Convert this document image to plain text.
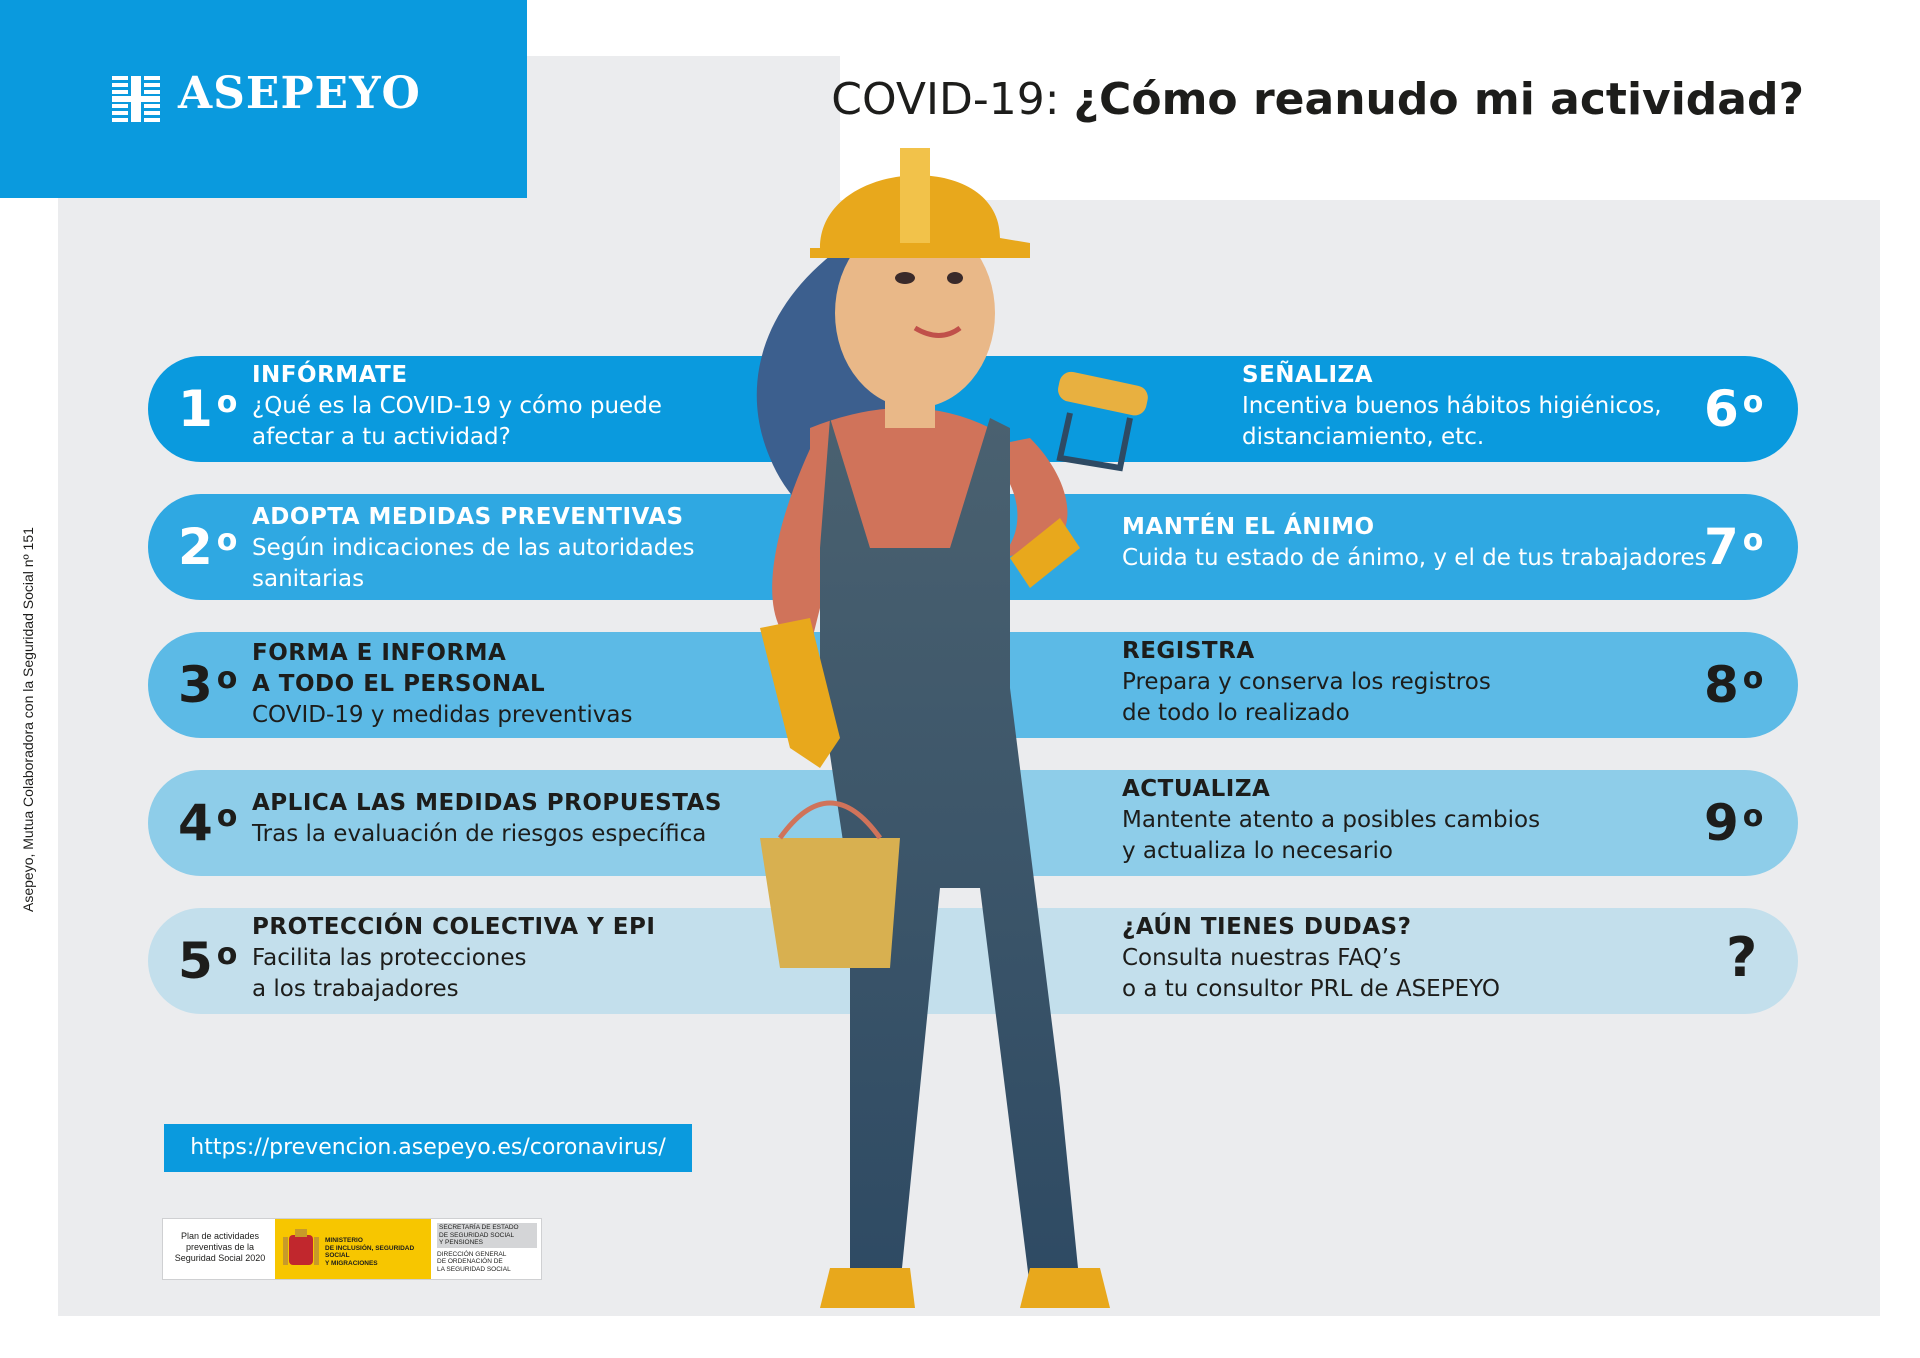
ASEPEYO	COVID-19: ¿Cómo reanudo mi actividad?
Asepeyo, Mutua Colaboradora con la Seguridad Social nº 151
1 $^o$
INFÓRMATE
¿Qué es la COVID-19 y cómo puede
afectar a tu actividad?
2 $^o$
ADOPTA MEDIDAS PREVENTIVAS
Según indicaciones de las autoridades
sanitarias
3 $^o$
FORMA E INFORMA
A TODO EL PERSONAL
COVID-19 y medidas preventivas
4 $^o$ APLICA LAS MEDIDAS PROPUESTAS
Tras la evaluación de riesgos específica
5 $^o$
PROTECCIÓN COLECTIVA Y EPI
Facilita las protecciones
a los trabajadores
SEÑALIZA
Incentiva buenos hábitos higiénicos,
distanciamiento, etc.	6 $^o$
MANTÉN EL ÁNIMO
Cuida tu estado de ánimo, y el de tus trabajadores
7 $^o$
REGISTRA
Prepara y conserva los registros
de todo lo realizado	8 $^o$
ACTUALIZA
Mantente atento a posibles cambios
y actualiza lo necesario	9 $^o$
¿AÚN TIENES DUDAS?
Consulta nuestras FAQ’s
o a tu consultor PRL de ASEPEYO	?
https://prevencion.asepeyo.es/coronavirus/
Plan de actividades
preventivas de la
Seguridad Social 2020
MINISTERIO
DE INCLUSIÓN, SEGURIDAD SOCIAL
Y MIGRACIONES
SECRETARÍA DE ESTADO
DE SEGURIDAD SOCIAL
Y PENSIONES
DIRECCIÓN GENERAL
DE ORDENACIÓN DE
LA SEGURIDAD SOCIAL
